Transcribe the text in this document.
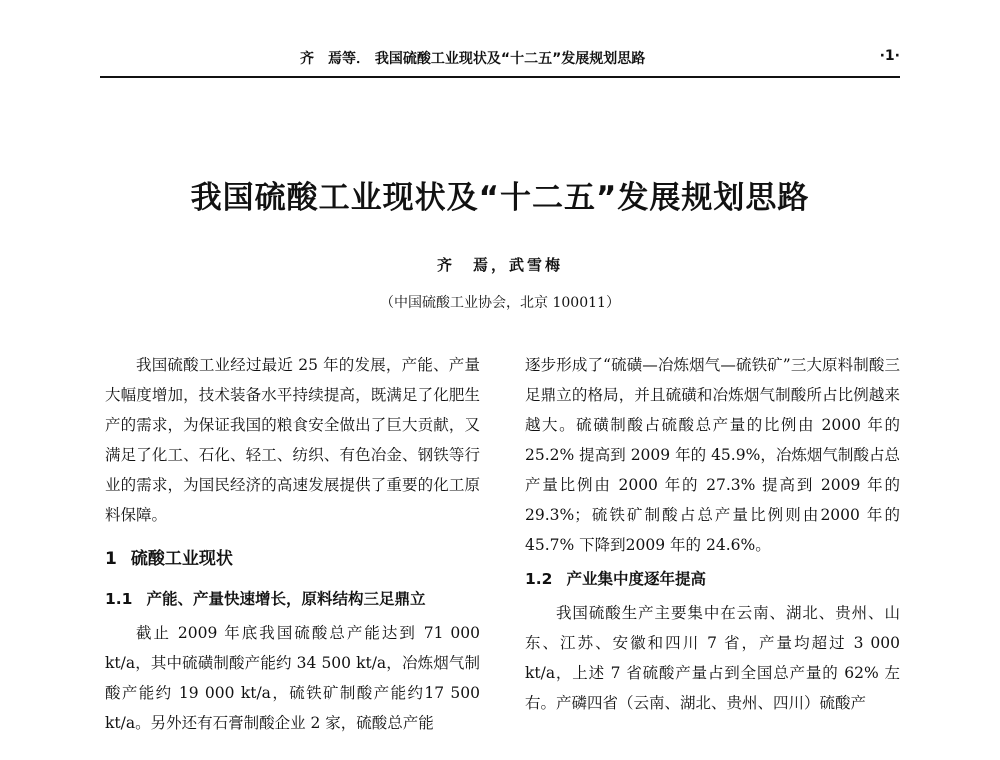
齐　焉等． 我国硫酸工业现状及“十二五”发展规划思路	·1·
我国硫酸工业现状及“十二五”发展规划思路
齐　焉，武雪梅
（中国硫酸工业协会，北京 100011）

我国硫酸工业经过最近 25 年的发展，产能、产量大幅度增加，技术装备水平持续提高，既满足了化肥生产的需求，为保证我国的粮食安全做出了巨大贡献，又满足了化工、石化、轻工、纺织、有色冶金、钢铁等行业的需求，为国民经济的高速发展提供了重要的化工原料保障。

1 硫酸工业现状
1.1 产能、产量快速增长，原料结构三足鼎立

截止 2009 年底我国硫酸总产能达到 71 000 kt/a，其中硫磺制酸产能约 34 500 kt/a，冶炼烟气制酸产能约 19 000 kt/a，硫铁矿制酸产能约17 500 kt/a。另外还有石膏制酸企业 2 家，硫酸总产能

逐步形成了“硫磺—冶炼烟气—硫铁矿”三大原料制酸三足鼎立的格局，并且硫磺和冶炼烟气制酸所占比例越来越大。硫磺制酸占硫酸总产量的比例由 2000 年的 25.2% 提高到 2009 年的 45.9%，冶炼烟气制酸占总产量比例由 2000 年的 27.3% 提高到 2009 年的 29.3%；硫铁矿制酸占总产量比例则由2000 年的45.7% 下降到2009 年的 24.6%。

1.2 产业集中度逐年提高

我国硫酸生产主要集中在云南、湖北、贵州、山东、江苏、安徽和四川 7 省，产量均超过 3 000 kt/a，上述 7 省硫酸产量占到全国总产量的 62% 左右。产磷四省（云南、湖北、贵州、四川）硫酸产
